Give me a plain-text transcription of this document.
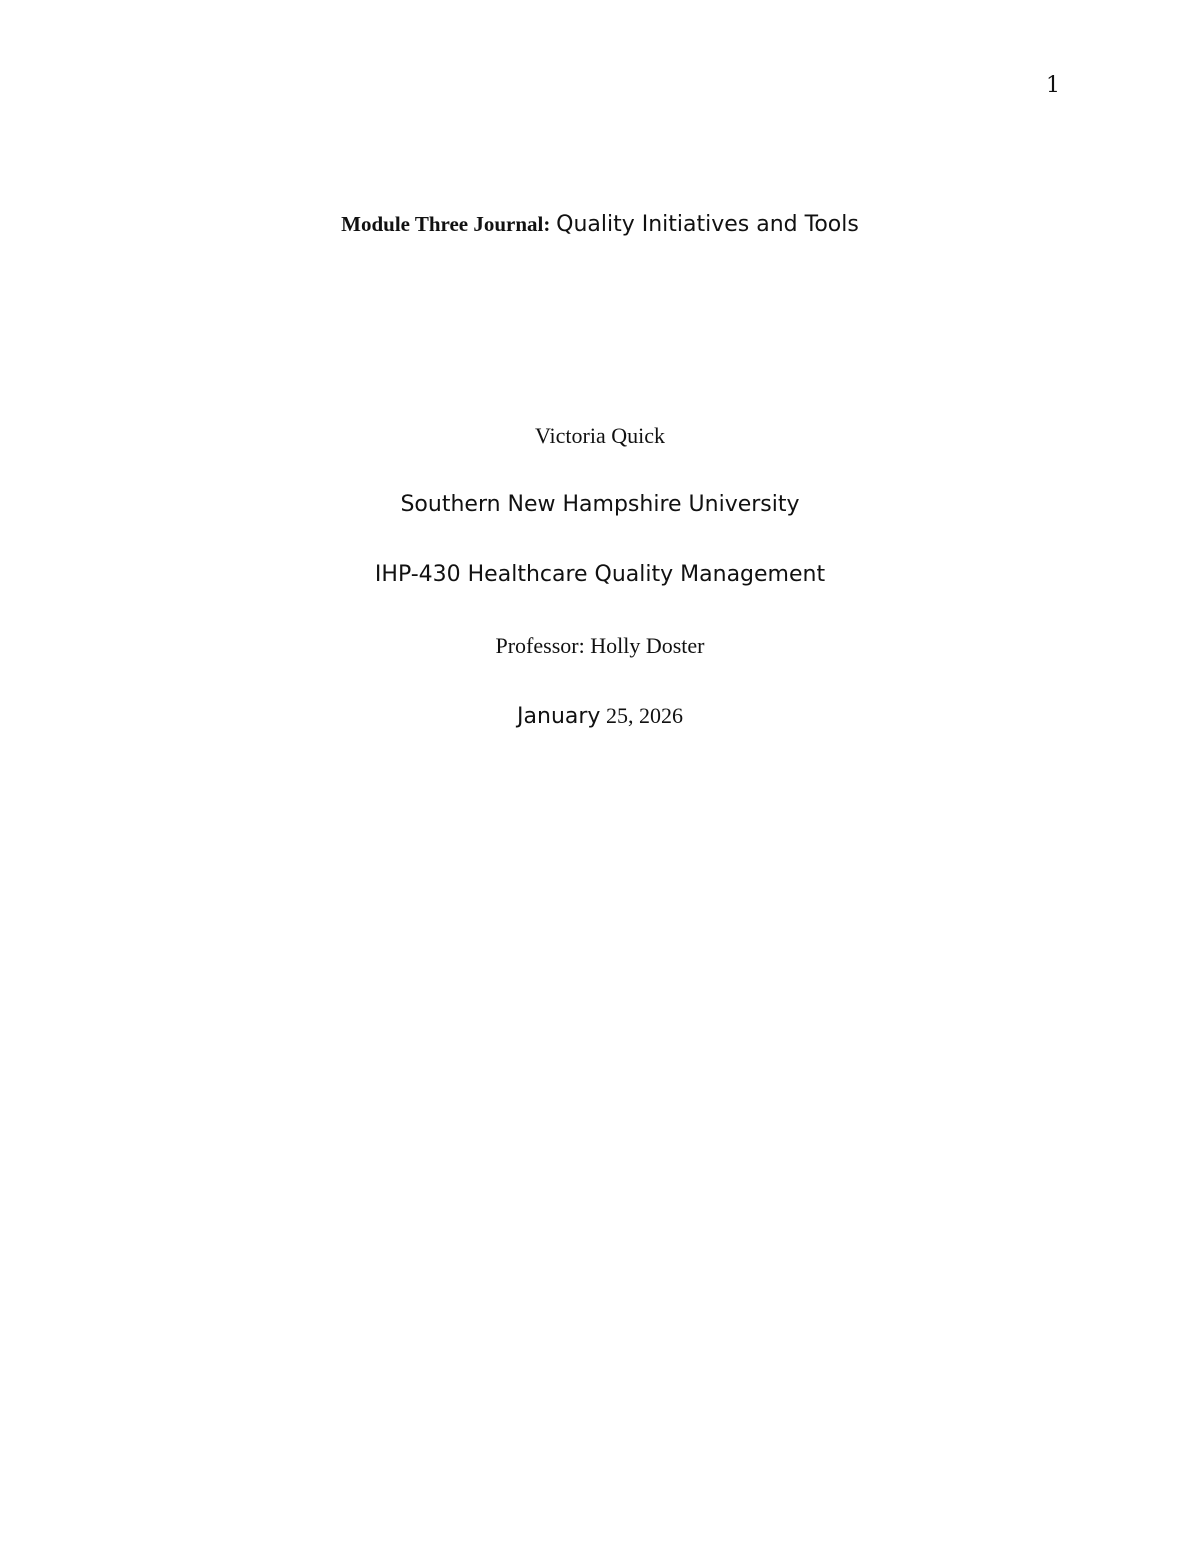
1
Module Three Journal: Quality Initiatives and Tools
Victoria Quick
Southern New Hampshire University
IHP-430 Healthcare Quality Management
Professor: Holly Doster
January 25, 2026
